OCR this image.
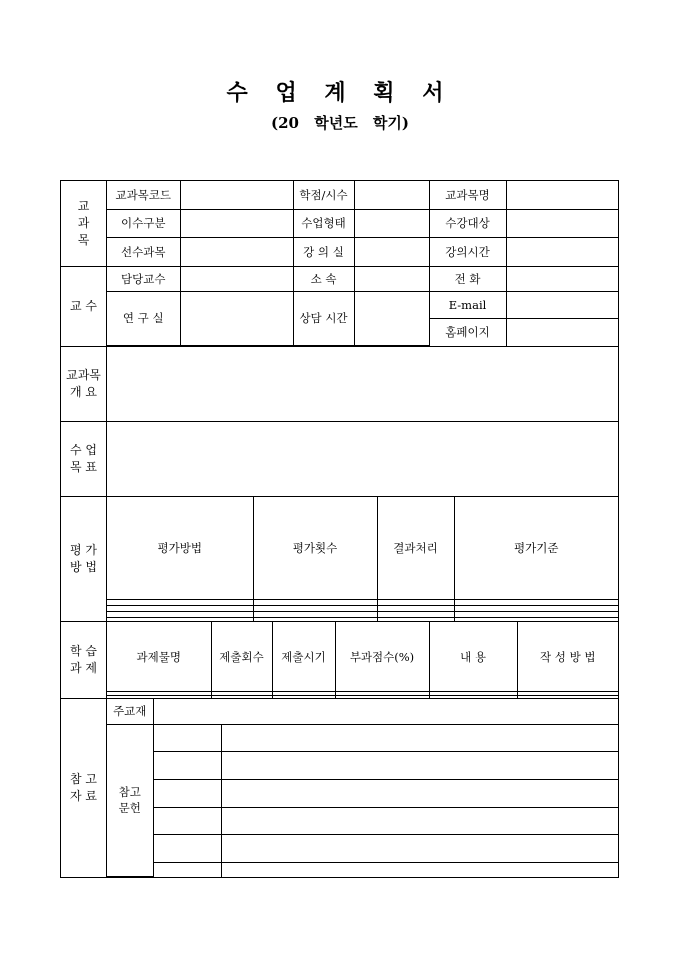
수 업 계 획 서
(20 학년도 학기)
교
과
목
교과목코드		학점/시수		교과목명	
이수구분		수업형태		수강대상	
선수과목		강 의 실		강의시간	
교 수
담당교수		소 속		전 화	
연 구 실		상담 시간		E-mail	
				홈페이지	
교과목
개 요
수 업
목 표
평 가
방 법
평가방법	평가횟수	결과처리	평가기준

학 습
과 제
과제물명	제출회수	제출시기	부과점수(%)	내 용	작 성 방 법

참 고
자 료
주교재		
참고
문헌		
